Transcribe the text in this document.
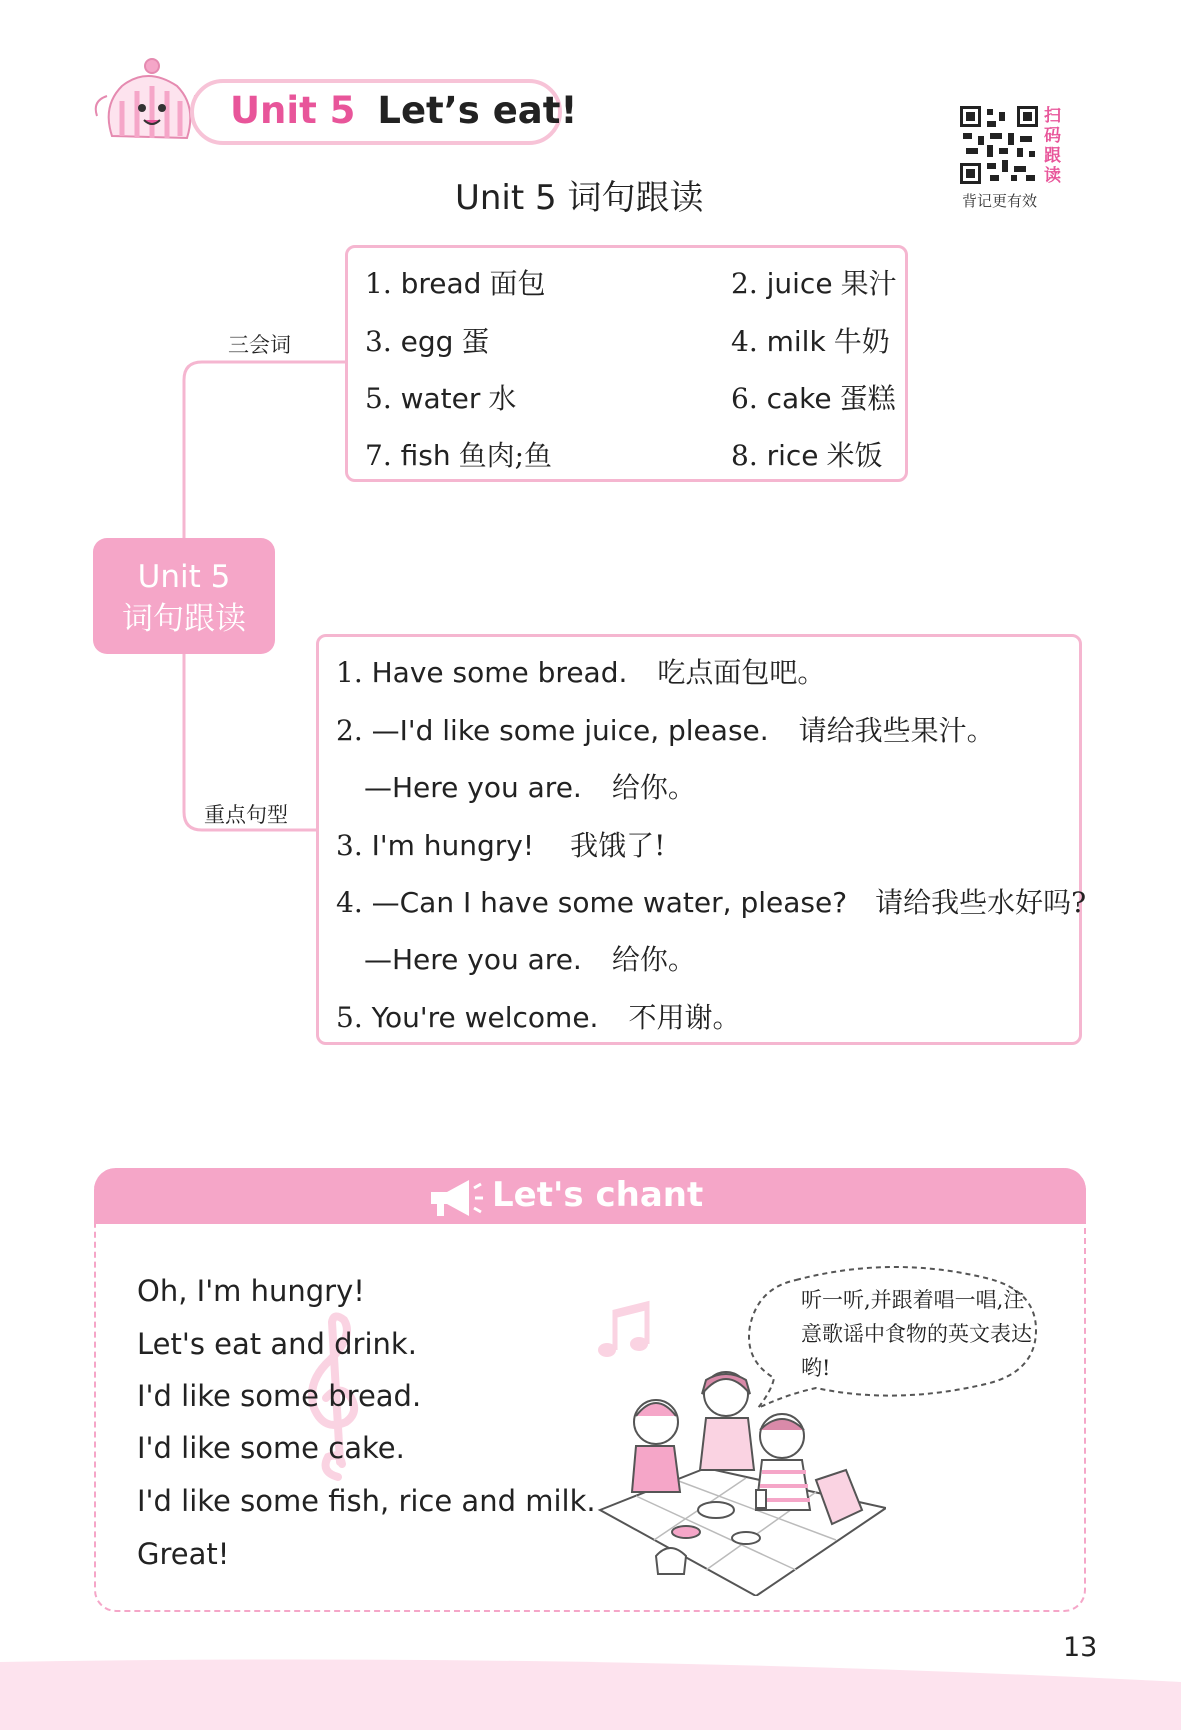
Unit 5 Let’s eat!
Unit 5 词句跟读
扫码跟读
背记更有效
Unit 5
词句跟读
三会词
重点句型
1. bread 面包	2. juice 果汁
3. egg 蛋	4. milk 牛奶
5. water 水	6. cake 蛋糕
7. fish 鱼肉;鱼	8. rice 米饭
1. Have some bread. 吃点面包吧。
2. —I'd like some juice, please. 请给我些果汁。
—Here you are. 给你。
3. I'm hungry! 我饿了!
4. —Can I have some water, please? 请给我些水好吗?
—Here you are. 给你。
5. You're welcome. 不用谢。
Let's chant
Oh, I'm hungry!
Let's eat and drink.
I'd like some bread.
I'd like some cake.
I'd like some fish, rice and milk.
Great!
听一听,并跟着唱一唱,注意歌谣中食物的英文表达哟!
13
